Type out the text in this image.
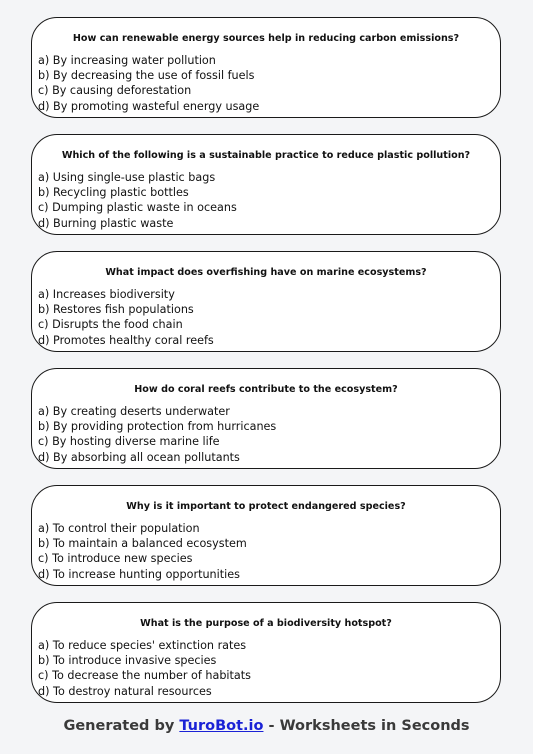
How can renewable energy sources help in reducing carbon emissions?
a) By increasing water pollution
b) By decreasing the use of fossil fuels
c) By causing deforestation
d) By promoting wasteful energy usage
Which of the following is a sustainable practice to reduce plastic pollution?
a) Using single-use plastic bags
b) Recycling plastic bottles
c) Dumping plastic waste in oceans
d) Burning plastic waste
What impact does overfishing have on marine ecosystems?
a) Increases biodiversity
b) Restores fish populations
c) Disrupts the food chain
d) Promotes healthy coral reefs
How do coral reefs contribute to the ecosystem?
a) By creating deserts underwater
b) By providing protection from hurricanes
c) By hosting diverse marine life
d) By absorbing all ocean pollutants
Why is it important to protect endangered species?
a) To control their population
b) To maintain a balanced ecosystem
c) To introduce new species
d) To increase hunting opportunities
What is the purpose of a biodiversity hotspot?
a) To reduce species' extinction rates
b) To introduce invasive species
c) To decrease the number of habitats
d) To destroy natural resources
Generated by TuroBot.io - Worksheets in Seconds
